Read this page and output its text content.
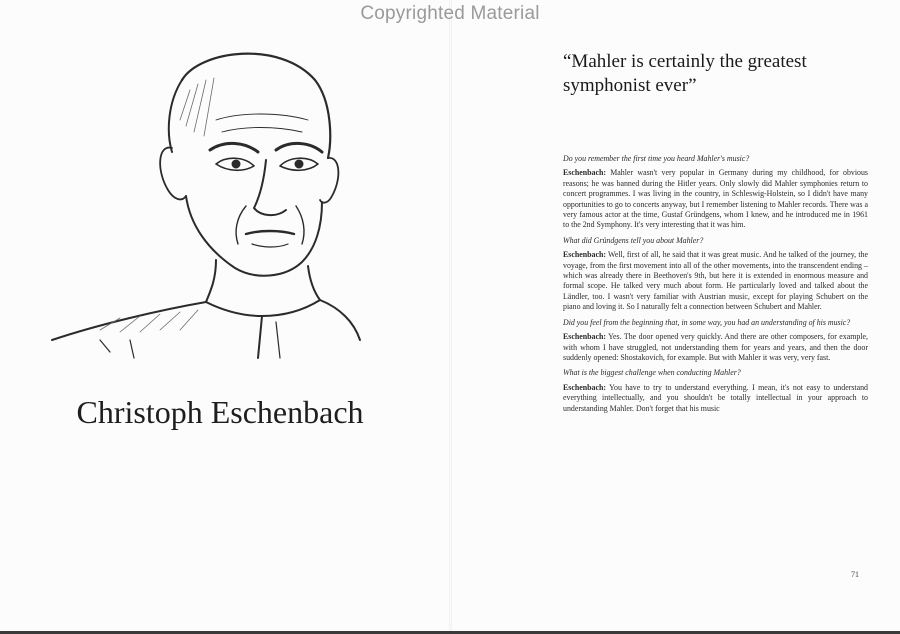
Copyrighted Material
Christoph Eschenbach
“Mahler is certainly the greatest symphonist ever”

Do you remember the first time you heard Mahler's music?

Eschenbach: Mahler wasn't very popular in Germany during my childhood, for obvious reasons; he was banned during the Hitler years. Only slowly did Mahler symphonies return to concert programmes. I was living in the country, in Schleswig-Holstein, so I didn't have many opportunities to go to concerts anyway, but I remember listening to Mahler records. There was a very famous actor at the time, Gustaf Gründgens, whom I knew, and he introduced me in 1961 to the 2nd Symphony. It's very interesting that it was him.

What did Gründgens tell you about Mahler?

Eschenbach: Well, first of all, he said that it was great music. And he talked of the journey, the voyage, from the first movement into all of the other movements, into the transcendent ending – which was already there in Beethoven's 9th, but here it is extended in enormous measure and formal scope. He talked very much about form. He particularly loved and talked about the Ländler, too. I wasn't very familiar with Austrian music, except for playing Schubert on the piano and loving it. So I naturally felt a connection between Schubert and Mahler.

Did you feel from the beginning that, in some way, you had an understanding of his music?

Eschenbach: Yes. The door opened very quickly. And there are other composers, for example, with whom I have struggled, not understanding them for years and years, and then the door suddenly opened: Shostakovich, for example. But with Mahler it was very, very fast.

What is the biggest challenge when conducting Mahler?

Eschenbach: You have to try to understand everything. I mean, it's not easy to understand everything intellectually, and you shouldn't be totally intellectual in your approach to understanding Mahler. Don't forget that his music

71
